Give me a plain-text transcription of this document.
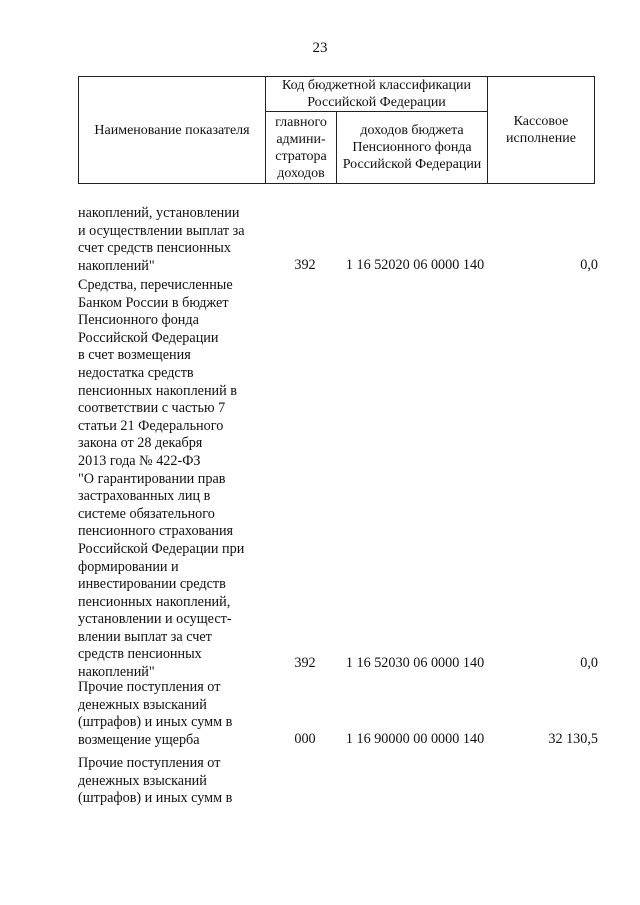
23
Наименование показателя	Код бюджетной классификации Российской Федерации		Кассовое исполнение
	главного админи-стратора доходов	доходов бюджета Пенсионного фонда Российской Федерации	
накоплений, установлении
и осуществлении выплат за
счет средств пенсионных
накоплений"	392	1 16 52020 06 0000 140	0,0
Средства, перечисленные
Банком России в бюджет
Пенсионного фонда
Российской Федерации
в счет возмещения
недостатка средств
пенсионных накоплений в
соответствии с частью 7
статьи 21 Федерального
закона от 28 декабря
2013 года № 422-ФЗ
"О гарантировании прав
застрахованных лиц в
системе обязательного
пенсионного страхования
Российской Федерации при
формировании и
инвестировании средств
пенсионных накоплений,
установлении и осущест-
влении выплат за счет
средств пенсионных
накоплений"
392	1 16 52030 06 0000 140	0,0
Прочие поступления от
денежных взысканий
(штрафов) и иных сумм в
возмещение ущерба	000	1 16 90000 00 0000 140	32 130,5
Прочие поступления от
денежных взысканий
(штрафов) и иных сумм в
